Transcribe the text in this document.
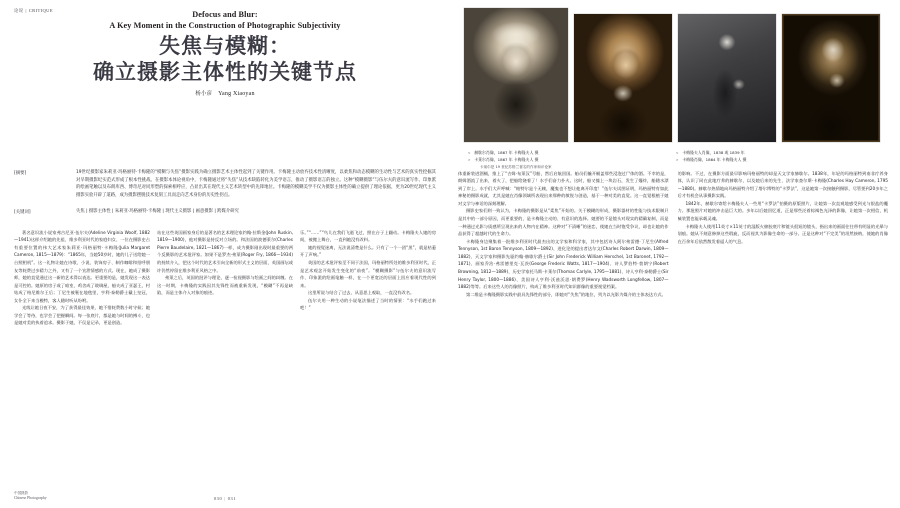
论说 | CRITIQUE	Defocus and Blur:
A Key Moment in the Construction of Photographic Subjectivity
失焦与模糊：
确立摄影主体性的关键节点
杨小彦 Yang Xiaoyan
[摘要]	19世纪摄影家朱莉亚·玛格丽特·卡梅隆的“模糊与失焦”摄影实践为确立摄影艺术主体性起到了关键作用。卡梅隆主动放弃技术性清晰度，以柔焦和动态模糊的生动性与艺术的真实性挖掘其对早期摄影纪实范式形成了根本性挑战。在摄影本体论视角中，卡梅隆通过将“失焦”从技术缺陷转化为美学语言，推动了摄影语言的独立。这种“模糊摄影”与伍尔夫的意识流写作、印象派的绘画笔触以及布朗库西、博奇尼对同形塑的探索相呼应，凸显出其在现代主义艺术转型中的先锋地位。卡梅隆的模糊美学不仅为摄影主体性的确立提供了理论依据，更为20世纪现代主义摄影实验开辟了道路，成为摄影摆脱技术复刻工具而走向艺术身份的历史性拐点。
[关键词]	失焦 | 摄影主体性 | 朱莉亚·玛格丽特·卡梅隆 | 现代主义摄影 | 画意摄影 | 跨媒介研究

著名意识流小说家弗吉尼亚·伍尔夫(Adeline Virginia Woolf, 1882—1941)这样介绍她的先祖、维多利亚时代的家庭妇女、一位在摄影史占有重要位置的伟大艺术家朱莉亚·玛格丽特·卡梅隆(Julia Margaret Cameron, 1815—1879)：“1865年，当她50岁时，她的儿子送给她一台照相机”。这一礼物让她在诗歌、小说、装饰房子、制作咖啡和招呼朋友等耗费过多精力之外，又有了一个宣泄情感的方式。现在，她成了摄影师，她的直觉通过这一新的艺术得以表达。更重要的是，她发现这一表达是可控的。她原的房子或了暗室，鸡舍成了玻璃屋，船夫成了亚瑟王，村姑成了格尼维尔王后；丁尼生被裹在地毯里，亨利·泰勒爵士戴上皇冠，女仆全下来当模特，客人随时听从吩咐。

光线让她日夜不安，为了获得最佳效果，她不惜耗费数小时守候；她学会了等待，也学会了把握瞬间。每一张底片，都是她与时间的搏斗，也是她对美的执着追求。摄影于她，不仅是记录，更是创造。

站在这些英国画家身后的是著名的艺术理论家约翰·拉斯金(John Ruskin, 1819—1900)，他对摄影是持反对立场的。和法国的波德莱尔(Charles Pierre Baudelaire, 1821—1867)一样，成为摄影刚出现时最重要的两个反摄影的艺术批评家。如果不是罗杰·弗莱(Roger Fry, 1866—1934)的持续介入，把这个时代的艺术引向全新的形式主义的层面，英国画坛或许仍然停留在维多利亚风格之中。

弗莱之后，英国的批评与理论，逐一检视摄影与绘画之间的纠缠。在这一时期，卡梅隆的实践因其先锋性而被重新发现，“模糊”不再是缺陷，而是主体介入对象的痕迹。

乐。”“……”“鸟儿在我们飞逝飞过，照在台子上翻动。卡梅隆夫人她的房间，被搬上舞台，一直到她没有改料。

她的视觉迷离，无法说清楚是什么。只有了一个一团“黑”，就是枯萎开了声响。”

英国的艺术批评家至不同于法国，玛格丽特所处的维多利亚时代，正是艺术观念开始发生变化的“前夜”。“模糊摄影”与伍尔夫的意识流写作、印象派的绘画笔触一样，在一个更宽泛的层面上回应着现代性的到来。

这里所说与结合了过去，从意思上观取，一直没有改名。

伍尔夫用一种生动的小说笔法描述了当时的情景：“水手们跑过来吧！”

中国摄影
Chinese Photography	030 | 031
< 赫歇尔肖像，1867 年 卡梅隆夫人 摄
> 卡莱尔肖像，1867 年 卡梅隆夫人 摄
卡莱尔是 19 世纪苏格兰著名的作家和评论家
< 卡梅隆夫人肖像，1838 或 1839 年
> 卡梅隆肖像，1864 年 卡梅隆夫人 摄

体重新装进酒桶，推上了“吉姆·布莱汉”号船，然后启航回国。船员们撬开桶盖那些浸泡过尸体的酒。不幸的是，朗姆酒流了出来，着火了，把船给烧着了！水手们奋力扑火。这时，船又撞上一块岩石，发生了爆炸，船随水漂到了岸上。水手们大声呼喊：“帕特尔是个无赖，魔鬼也不想让他离开印度！”伍尔夫试图证明，玛格丽特有如此神秘的摄影成就，尤其是她在肖像领域所表现出来那种的敏锐与创造，基于一种对美的直觉。这一直觉根植于她对文学与神话的深刻理解。

摄影史家们则一致认为，卡梅隆的摄影是从“柔焦”开始的。关于模糊的形成，摄影器材的性能与技术限制只是其中的一部分原因，而更重要的，是卡梅隆主动的、有意识的选择。她要的不是镜头对现实的精确复制，而是一种通过光影与质感所呈现出来的人物内在精神。这种对“不清晰”的迷恋，使她在当时饱受争议，却也让她的作品获得了超越时代的生命力。

卡梅隆身边聚集着一批维多利亚时代最杰出的文学家和科学家，其中包括诗人阿尔弗雷德·丁尼生(Alfred Tennyson, 1st Baron Tennyson, 1809—1892)、进化论的提出者达尔文(Charles Robert Darwin, 1809—1882)、天文学家和摄影先驱约翰·赫歇尔爵士(Sir John Frederick William Herschel, 1st Baronet, 1792—1871)、画家乔治·弗雷德里克·瓦茨(George Frederic Watts, 1817—1904)、诗人罗伯特·勃朗宁(Robert Browning, 1812—1889)、历史学家托马斯·卡莱尔(Thomas Carlyle, 1795—1881)、诗人亨利·泰勒爵士(Sir Henry Taylor, 1800—1886)、美国诗人亨利·沃兹沃思·朗费罗(Henry Wadsworth Longfellow, 1807—1882)等等。后来这些人的肖像照片，构成了维多利亚时代知识群像的重要视觉档案。

第二维是卡梅隆摄影实践中最具先锋性的部分，即她对“失焦”的地位，列为以光影为媒介的主体表达方式。

的影响。不过，在摄影方面最早影响玛格丽特的却是天文学家赫歇尔。1838年，年轻的玛格丽特到南非疗养身体，认识了同在此地疗养的赫歇尔，以及她后来的先生、法学家查尔斯·卡梅隆(Charles Hay Cameron, 1795—1880)。赫歇尔热情地向玛格丽特介绍了塔尔博特的“卡罗法”，这是她第一次接触到摄影，尽管要到20多年之后才有机会从事摄影实践。

1842年，赫歇尔寄给卡梅隆夫人一些用“卡罗法”拍摄的原版照片，让她第一次直观地感受到光与银盐的魔力。那批照片对她的冲击是巨大的。多年以后她回忆道，正是那些泛着棕褐色光泽的影像，让她第一次相信，机械装置也能承载灵魂。

卡梅隆夫人使用11英寸×11英寸的湿版火棉胶底片和镜头很短的镜头，指出来的画面往往带有明显的光晕与划痕。她从不刻意修掉这些瑕疵，反而视其为影像生命的一部分。正是这种对“不完美”的坦然接纳，使她的肖像在百余年后依然散发着逼人的气息。
